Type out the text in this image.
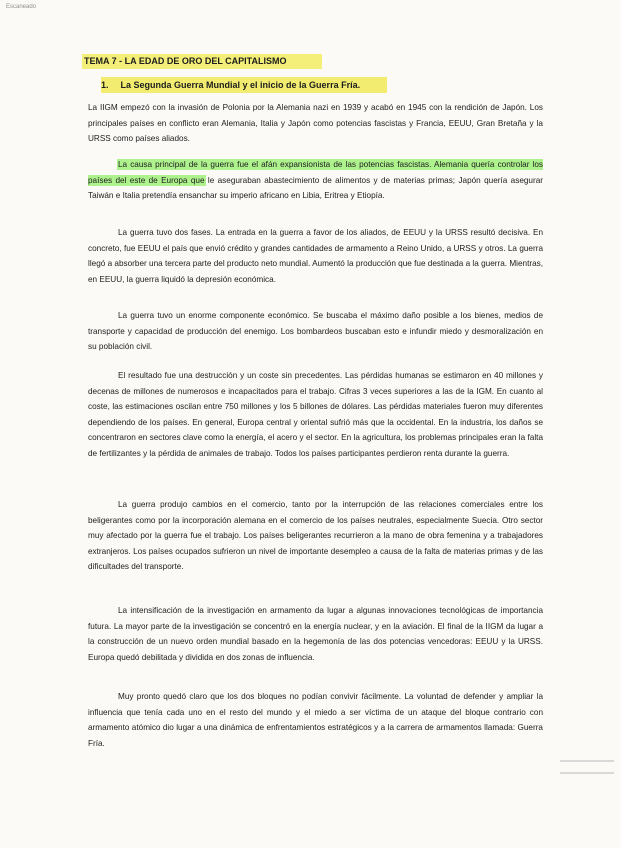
Escaneado
TEMA 7 - LA EDAD DE ORO DEL CAPITALISMO
1. La Segunda Guerra Mundial y el inicio de la Guerra Fría.
La IIGM empezó con la invasión de Polonia por la Alemania nazi en 1939 y acabó en 1945 con la rendición de Japón. Los principales países en conflicto eran Alemania, Italia y Japón como potencias fascistas y Francia, EEUU, Gran Bretaña y la URSS como países aliados.
La causa principal de la guerra fue el afán expansionista de las potencias fascistas. Alemania quería controlar los países del este de Europa que le aseguraban abastecimiento de alimentos y de materias primas; Japón quería asegurar Taiwán e Italia pretendía ensanchar su imperio africano en Libia, Eritrea y Etiopía.
La guerra tuvo dos fases. La entrada en la guerra a favor de los aliados, de EEUU y la URSS resultó decisiva. En concreto, fue EEUU el país que envió crédito y grandes cantidades de armamento a Reino Unido, a URSS y otros. La guerra llegó a absorber una tercera parte del producto neto mundial. Aumentó la producción que fue destinada a la guerra. Mientras, en EEUU, la guerra liquidó la depresión económica.
La guerra tuvo un enorme componente económico. Se buscaba el máximo daño posible a los bienes, medios de transporte y capacidad de producción del enemigo. Los bombardeos buscaban esto e infundir miedo y desmoralización en su población civil.
El resultado fue una destrucción y un coste sin precedentes. Las pérdidas humanas se estimaron en 40 millones y decenas de millones de numerosos e incapacitados para el trabajo. Cifras 3 veces superiores a las de la IGM. En cuanto al coste, las estimaciones oscilan entre 750 millones y los 5 billones de dólares. Las pérdidas materiales fueron muy diferentes dependiendo de los países. En general, Europa central y oriental sufrió más que la occidental. En la industria, los daños se concentraron en sectores clave como la energía, el acero y el sector. En la agricultura, los problemas principales eran la falta de fertilizantes y la pérdida de animales de trabajo. Todos los países participantes perdieron renta durante la guerra.
La guerra produjo cambios en el comercio, tanto por la interrupción de las relaciones comerciales entre los beligerantes como por la incorporación alemana en el comercio de los países neutrales, especialmente Suecia. Otro sector muy afectado por la guerra fue el trabajo. Los países beligerantes recurrieron a la mano de obra femenina y a trabajadores extranjeros. Los países ocupados sufrieron un nivel de importante desempleo a causa de la falta de materias primas y de las dificultades del transporte.
La intensificación de la investigación en armamento da lugar a algunas innovaciones tecnológicas de importancia futura. La mayor parte de la investigación se concentró en la energía nuclear, y en la aviación. El final de la IIGM da lugar a la construcción de un nuevo orden mundial basado en la hegemonía de las dos potencias vencedoras: EEUU y la URSS. Europa quedó debilitada y dividida en dos zonas de influencia.
Muy pronto quedó claro que los dos bloques no podían convivir fácilmente. La voluntad de defender y ampliar la influencia que tenía cada uno en el resto del mundo y el miedo a ser víctima de un ataque del bloque contrario con armamento atómico dio lugar a una dinámica de enfrentamientos estratégicos y a la carrera de armamentos llamada: Guerra Fría.
